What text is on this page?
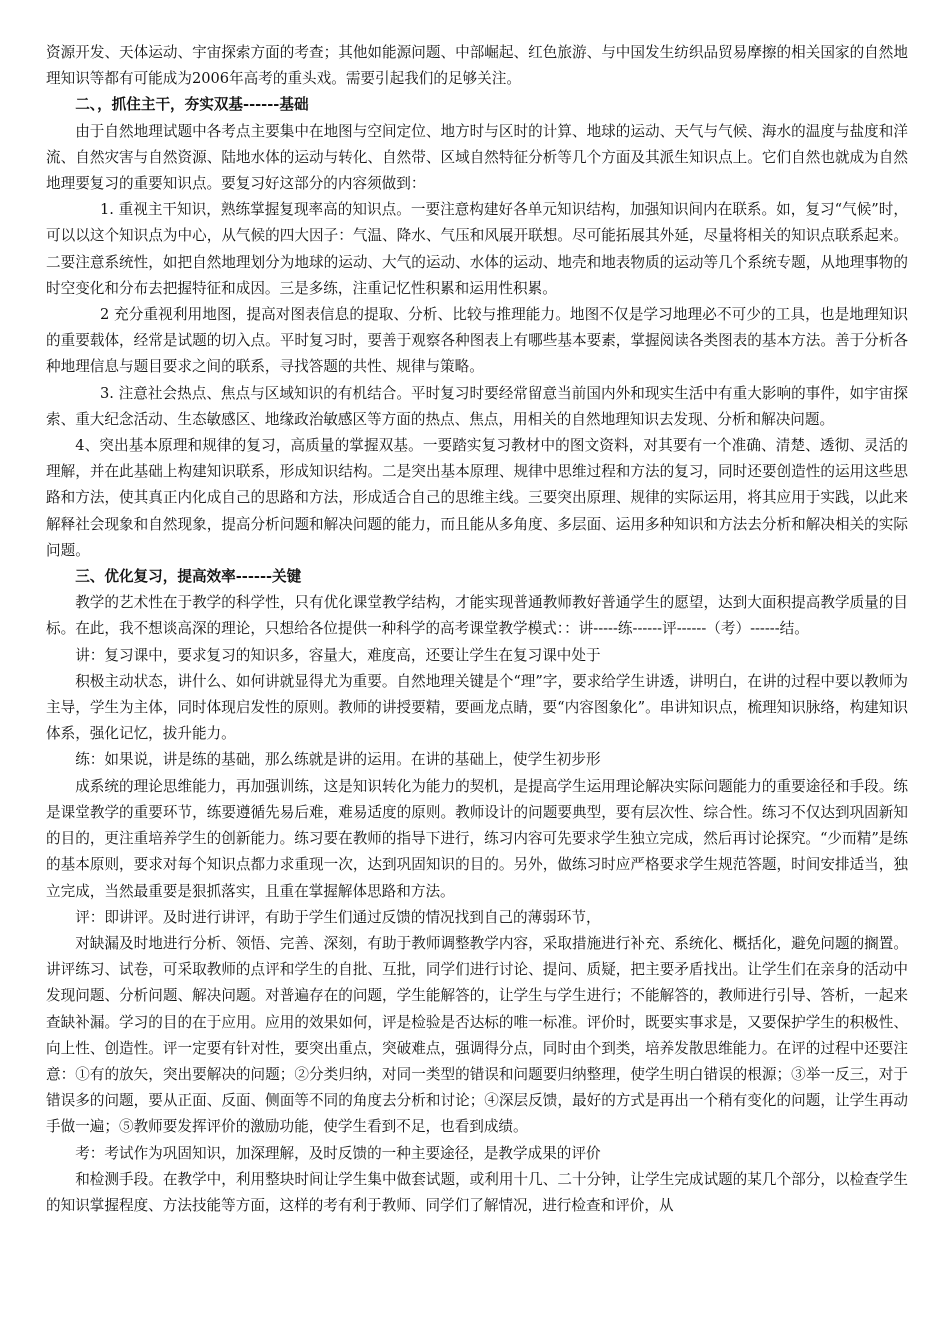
资源开发、天体运动、宇宙探索方面的考查；其他如能源问题、中部崛起、红色旅游、与中国发生纺织品贸易摩擦的相关国家的自然地理知识等都有可能成为2006年高考的重头戏。需要引起我们的足够关注。

二、，抓住主干，夯实双基------基础

由于自然地理试题中各考点主要集中在地图与空间定位、地方时与区时的计算、地球的运动、天气与气候、海水的温度与盐度和洋流、自然灾害与自然资源、陆地水体的运动与转化、自然带、区域自然特征分析等几个方面及其派生知识点上。它们自然也就成为自然地理要复习的重要知识点。要复习好这部分的内容须做到：

1. 重视主干知识，熟练掌握复现率高的知识点。一要注意构建好各单元知识结构，加强知识间内在联系。如，复习“气候”时，可以以这个知识点为中心，从气候的四大因子：气温、降水、气压和风展开联想。尽可能拓展其外延，尽量将相关的知识点联系起来。二要注意系统性，如把自然地理划分为地球的运动、大气的运动、水体的运动、地壳和地表物质的运动等几个系统专题，从地理事物的时空变化和分布去把握特征和成因。三是多练，注重记忆性积累和运用性积累。

2 充分重视利用地图，提高对图表信息的提取、分析、比较与推理能力。地图不仅是学习地理必不可少的工具，也是地理知识的重要载体，经常是试题的切入点。平时复习时，要善于观察各种图表上有哪些基本要素，掌握阅读各类图表的基本方法。善于分析各种地理信息与题目要求之间的联系，寻找答题的共性、规律与策略。

3. 注意社会热点、焦点与区域知识的有机结合。平时复习时要经常留意当前国内外和现实生活中有重大影响的事件，如宇宙探索、重大纪念活动、生态敏感区、地缘政治敏感区等方面的热点、焦点，用相关的自然地理知识去发现、分析和解决问题。

4、突出基本原理和规律的复习，高质量的掌握双基。一要踏实复习教材中的图文资料，对其要有一个准确、清楚、透彻、灵活的理解，并在此基础上构建知识联系，形成知识结构。二是突出基本原理、规律中思维过程和方法的复习，同时还要创造性的运用这些思路和方法，使其真正内化成自己的思路和方法，形成适合自己的思维主线。三要突出原理、规律的实际运用，将其应用于实践，以此来解释社会现象和自然现象，提高分析问题和解决问题的能力，而且能从多角度、多层面、运用多种知识和方法去分析和解决相关的实际问题。

三、优化复习，提高效率------关键

教学的艺术性在于教学的科学性，只有优化课堂教学结构，才能实现普通教师教好普通学生的愿望，达到大面积提高教学质量的目标。在此，我不想谈高深的理论，只想给各位提供一种科学的高考课堂教学模式：：讲-----练------评------（考）------结。

讲：复习课中，要求复习的知识多，容量大，难度高，还要让学生在复习课中处于

积极主动状态，讲什么、如何讲就显得尤为重要。自然地理关键是个“理”字，要求给学生讲透，讲明白，在讲的过程中要以教师为主导，学生为主体，同时体现启发性的原则。教师的讲授要精，要画龙点睛，要“内容图象化”。串讲知识点，梳理知识脉络，构建知识体系，强化记忆，拔升能力。

练：如果说，讲是练的基础，那么练就是讲的运用。在讲的基础上，使学生初步形

成系统的理论思维能力，再加强训练，这是知识转化为能力的契机，是提高学生运用理论解决实际问题能力的重要途径和手段。练是课堂教学的重要环节，练要遵循先易后难，难易适度的原则。教师设计的问题要典型，要有层次性、综合性。练习不仅达到巩固新知的目的，更注重培养学生的创新能力。练习要在教师的指导下进行，练习内容可先要求学生独立完成，然后再讨论探究。“少而精”是练的基本原则，要求对每个知识点都力求重现一次，达到巩固知识的目的。另外，做练习时应严格要求学生规范答题，时间安排适当，独立完成，当然最重要是狠抓落实，且重在掌握解体思路和方法。

评：即讲评。及时进行讲评，有助于学生们通过反馈的情况找到自己的薄弱环节，

对缺漏及时地进行分析、领悟、完善、深刻，有助于教师调整教学内容，采取措施进行补充、系统化、概括化，避免问题的搁置。讲评练习、试卷，可采取教师的点评和学生的自批、互批，同学们进行讨论、提问、质疑，把主要矛盾找出。让学生们在亲身的活动中发现问题、分析问题、解决问题。对普遍存在的问题，学生能解答的，让学生与学生进行；不能解答的，教师进行引导、答析，一起来查缺补漏。学习的目的在于应用。应用的效果如何，评是检验是否达标的唯一标准。评价时，既要实事求是，又要保护学生的积极性、向上性、创造性。评一定要有针对性，要突出重点，突破难点，强调得分点，同时由个到类，培养发散思维能力。在评的过程中还要注意：①有的放矢，突出要解决的问题；②分类归纳，对同一类型的错误和问题要归纳整理，使学生明白错误的根源；③举一反三，对于错误多的问题，要从正面、反面、侧面等不同的角度去分析和讨论；④深层反馈，最好的方式是再出一个稍有变化的问题，让学生再动手做一遍；⑤教师要发挥评价的激励功能，使学生看到不足，也看到成绩。

考：考试作为巩固知识，加深理解，及时反馈的一种主要途径，是教学成果的评价

和检测手段。在教学中，利用整块时间让学生集中做套试题，或利用十几、二十分钟，让学生完成试题的某几个部分，以检查学生的知识掌握程度、方法技能等方面，这样的考有利于教师、同学们了解情况，进行检查和评价，从
